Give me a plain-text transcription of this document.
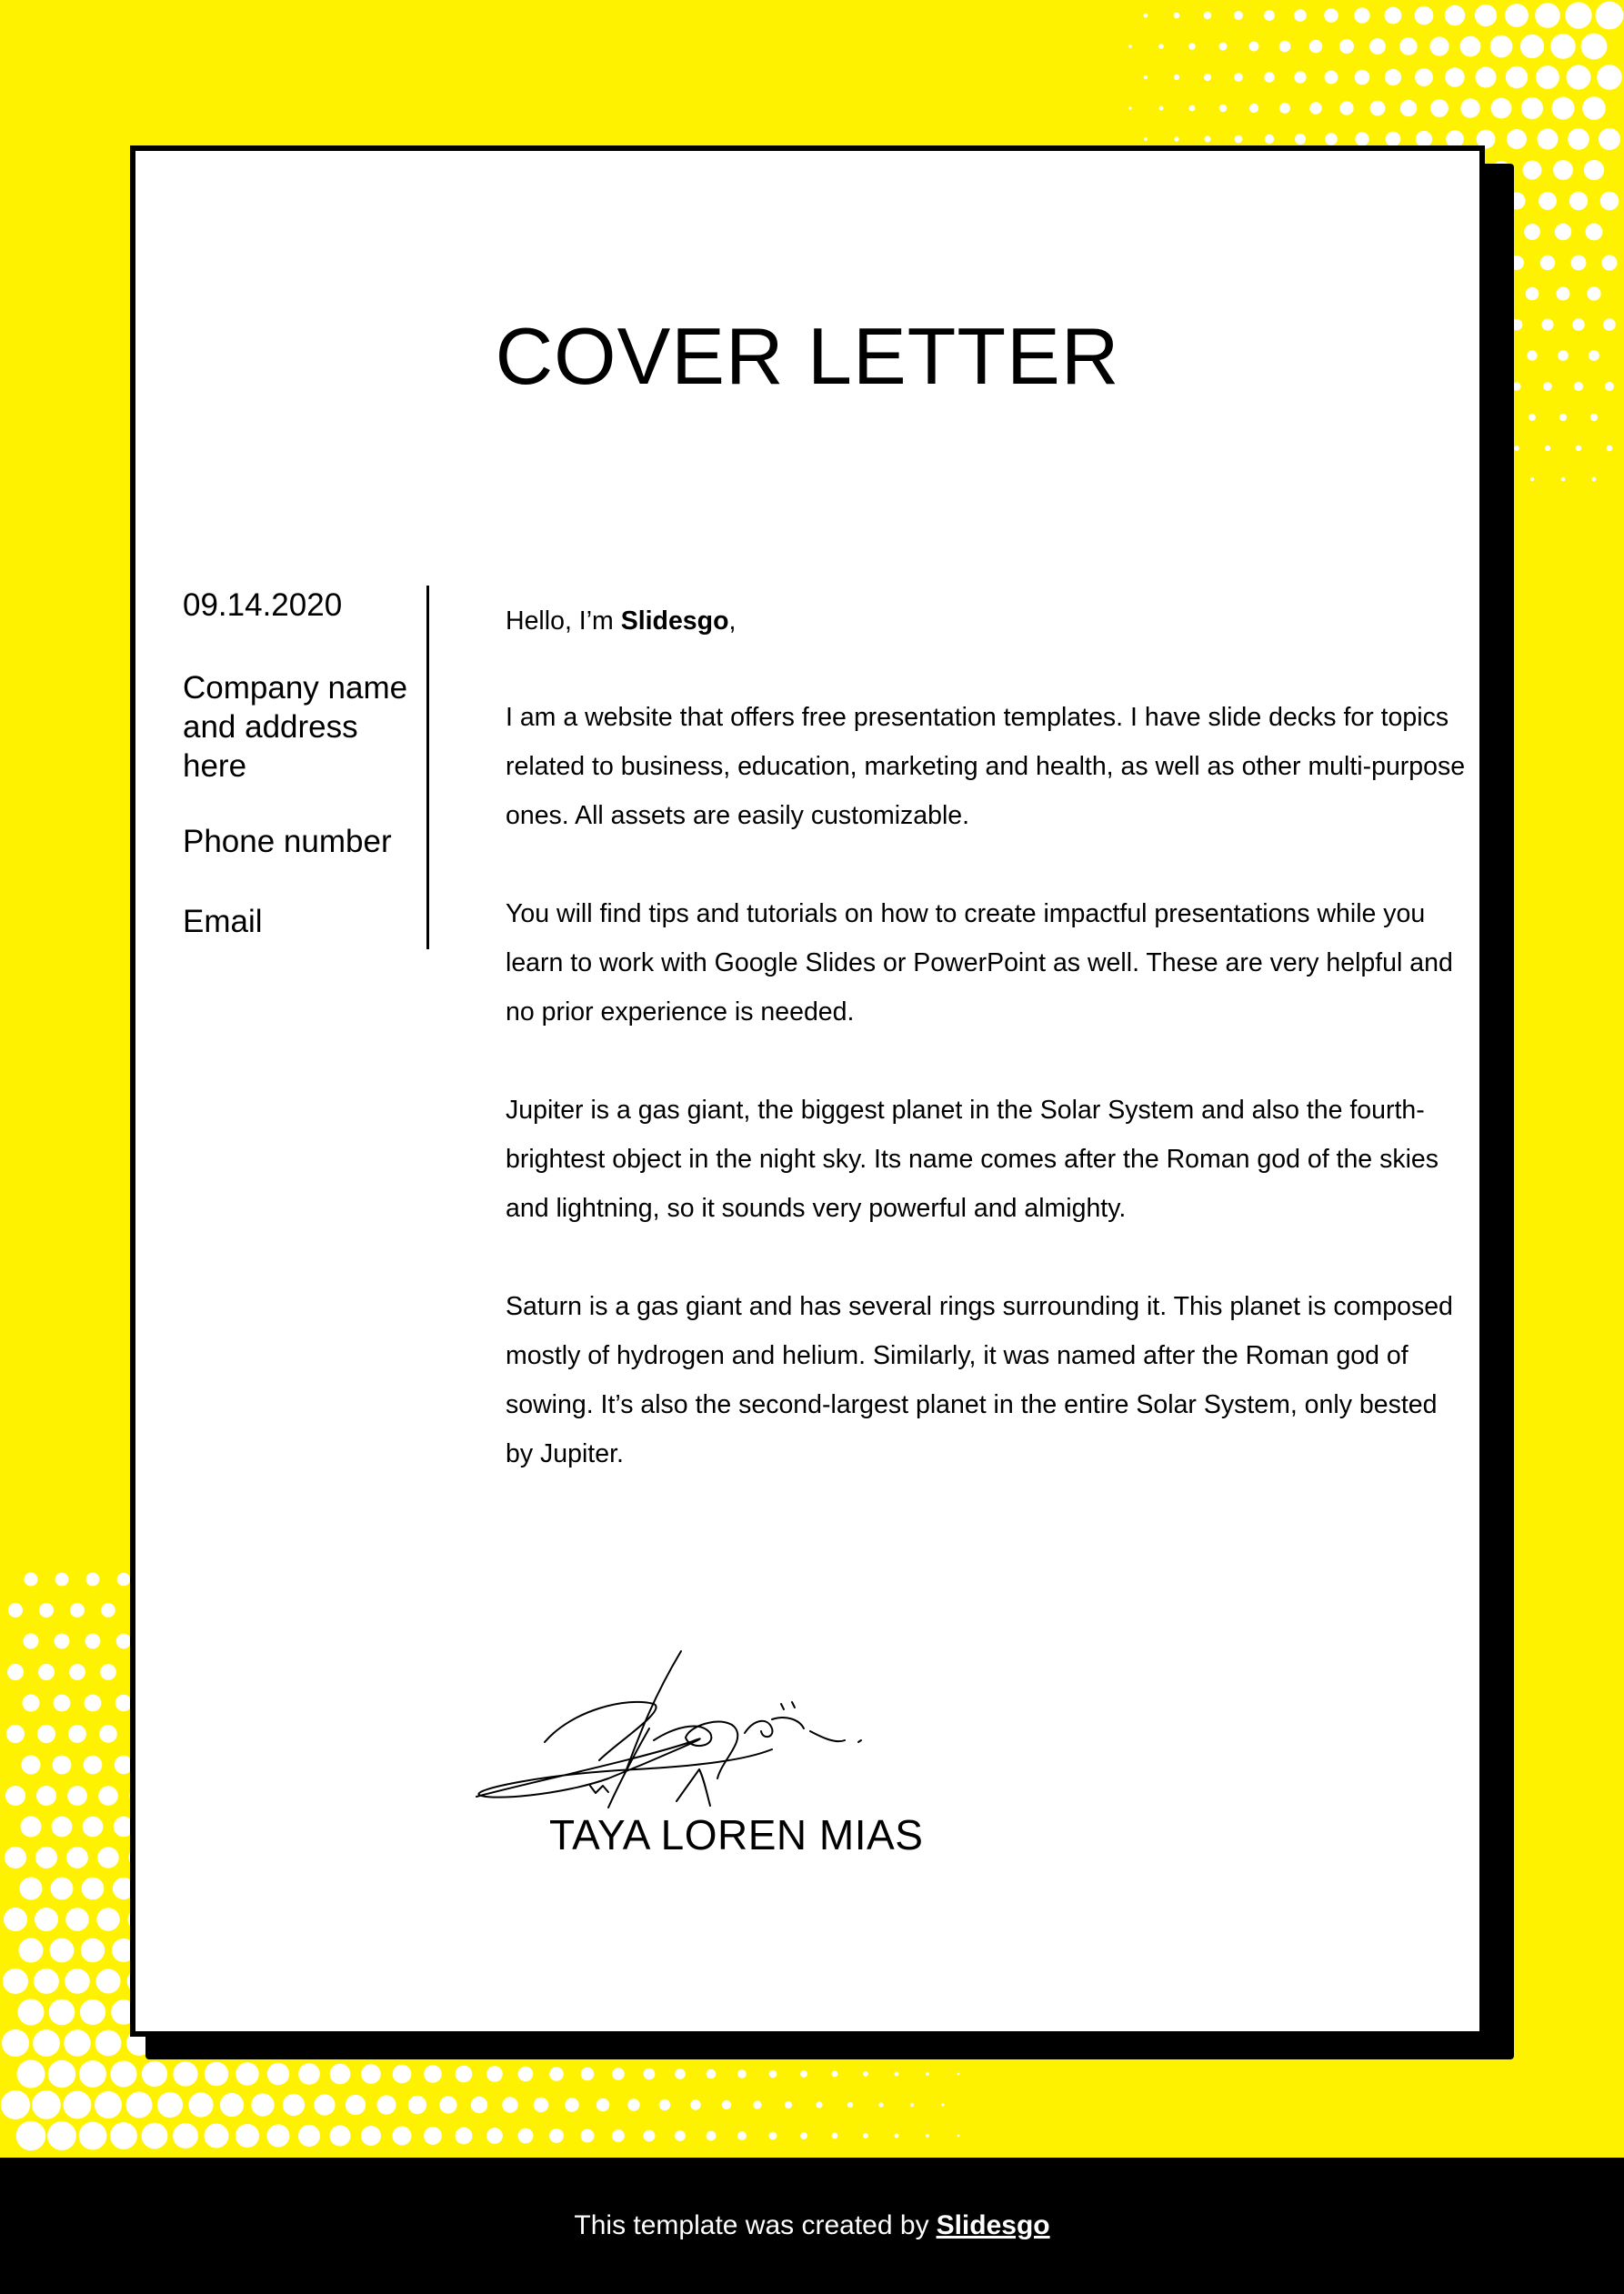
COVER LETTER
09.14.2020
Company name and address here
Phone number
Email

Hello, I’m Slidesgo,

I am a website that offers free presentation templates. I have slide decks for topics related to business, education, marketing and health, as well as other multi-purpose ones. All assets are easily customizable.

You will find tips and tutorials on how to create impactful presentations while you learn to work with Google Slides or PowerPoint as well. These are very helpful and no prior experience is needed.

Jupiter is a gas giant, the biggest planet in the Solar System and also the fourth-brightest object in the night sky. Its name comes after the Roman god of the skies and lightning, so it sounds very powerful and almighty.

Saturn is a gas giant and has several rings surrounding it. This planet is composed mostly of hydrogen and helium. Similarly, it was named after the Roman god of sowing. It’s also the second-largest planet in the entire Solar System, only bested by Jupiter.

TAYA LOREN MIAS
This template was created by Slidesgo
